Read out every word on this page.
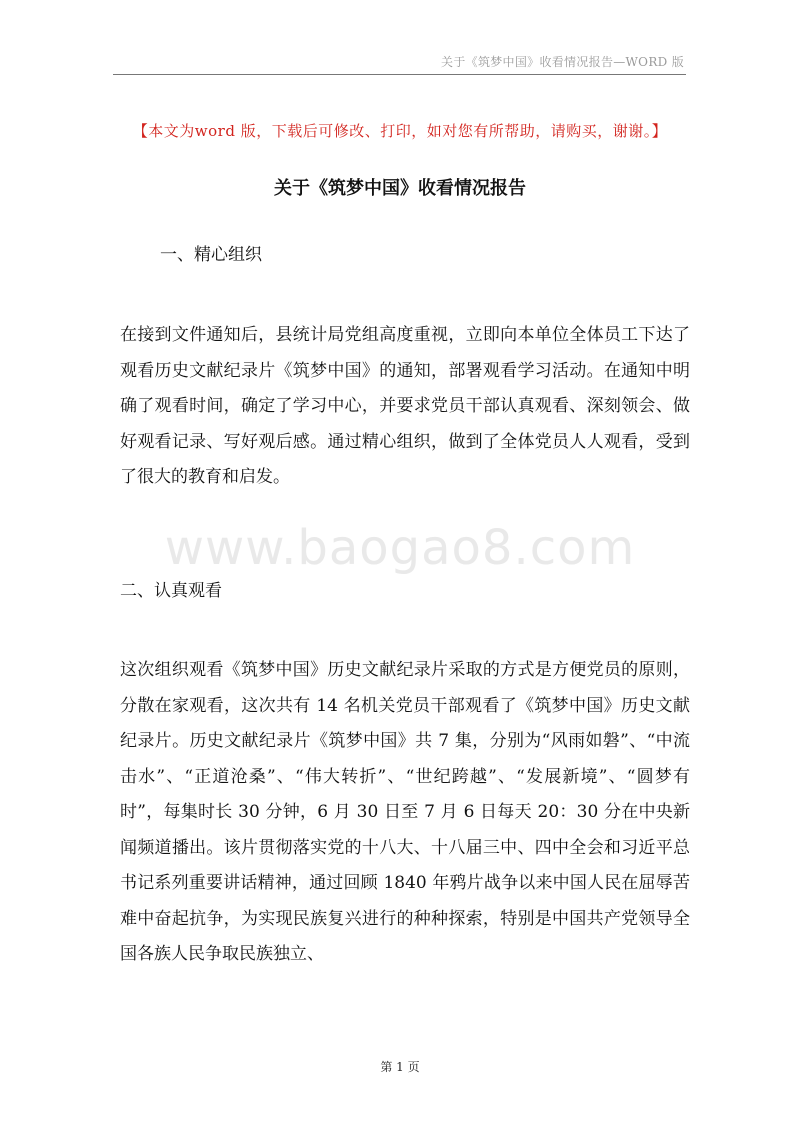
关于《筑梦中国》收看情况报告—WORD 版
【本文为word 版，下载后可修改、打印，如对您有所帮助，请购买，谢谢。】
关于《筑梦中国》收看情况报告
一、精心组织
在接到文件通知后，县统计局党组高度重视，立即向本单位全体员工下达了观看历史文献纪录片《筑梦中国》的通知，部署观看学习活动。在通知中明确了观看时间，确定了学习中心，并要求党员干部认真观看、深刻领会、做好观看记录、写好观后感。通过精心组织，做到了全体党员人人观看，受到了很大的教育和启发。
www.baogao8.com
二、认真观看
这次组织观看《筑梦中国》历史文献纪录片采取的方式是方便党员的原则，分散在家观看，这次共有 14 名机关党员干部观看了《筑梦中国》历史文献纪录片。历史文献纪录片《筑梦中国》共 7 集，分别为“风雨如磐”、“中流击水”、“正道沧桑”、“伟大转折”、“世纪跨越”、“发展新境”、“圆梦有时”，每集时长 30 分钟，6 月 30 日至 7 月 6 日每天 20：30 分在中央新闻频道播出。该片贯彻落实党的十八大、十八届三中、四中全会和习近平总书记系列重要讲话精神，通过回顾 1840 年鸦片战争以来中国人民在屈辱苦难中奋起抗争，为实现民族复兴进行的种种探索，特别是中国共产党领导全国各族人民争取民族独立、
第 1 页
